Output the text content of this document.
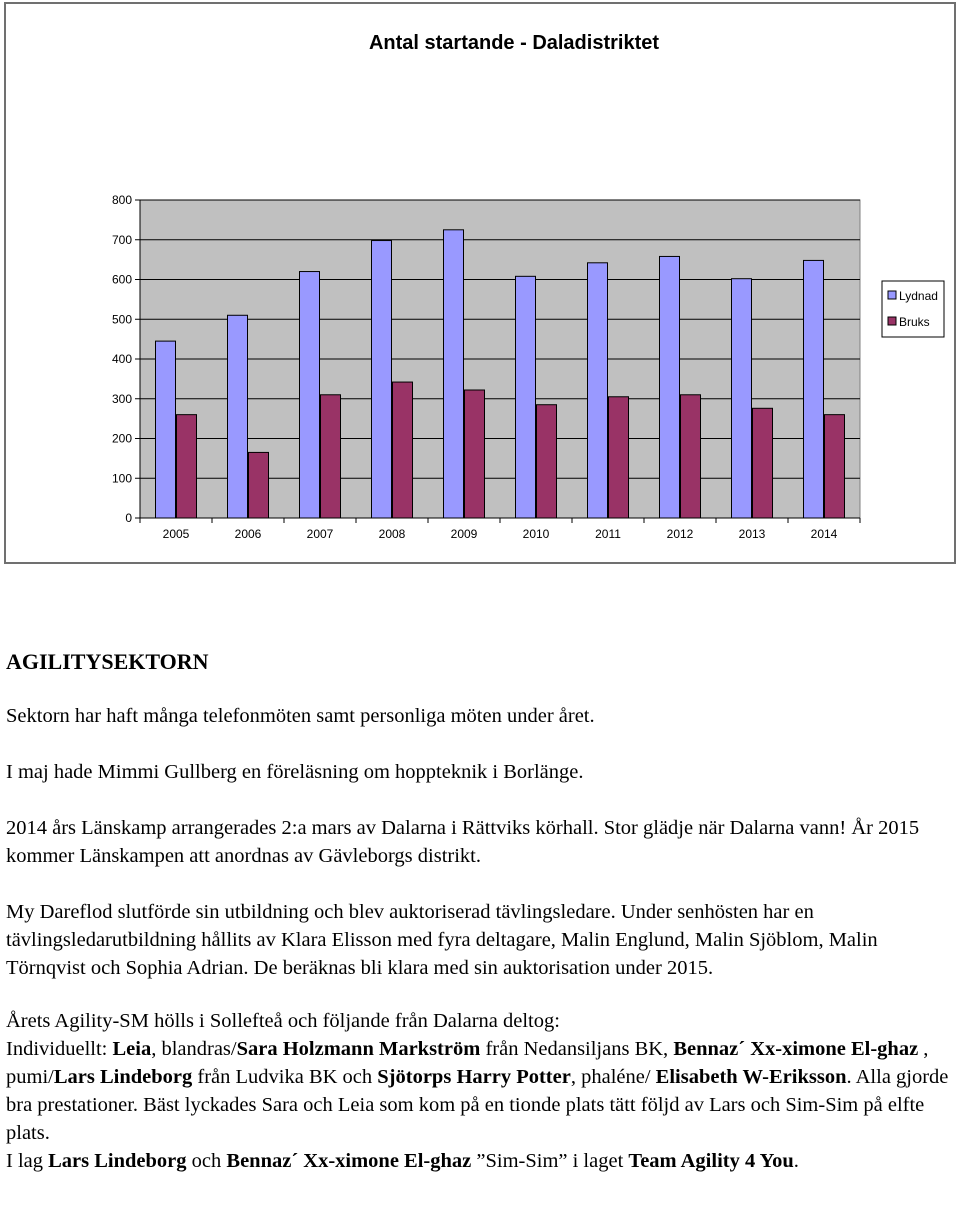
Antal startande - Daladistriktet
0
100
200
300
400
500
600
700
800
2005	2006	2007	2008	2009	2010	2011	2012	2013	2014
Lydnad
Bruks
AGILITYSEKTORN

Sektorn har haft många telefonmöten samt personliga möten under året.

I maj hade Mimmi Gullberg en föreläsning om hoppteknik i Borlänge.

2014 års Länskamp arrangerades 2:a mars av Dalarna i Rättviks körhall. Stor glädje när Dalarna vann! År 2015 kommer Länskampen att anordnas av Gävleborgs distrikt.

My Dareflod slutförde sin utbildning och blev auktoriserad tävlingsledare. Under senhösten har en tävlingsledarutbildning hållits av Klara Elisson med fyra deltagare, Malin Englund, Malin Sjöblom, Malin Törnqvist och Sophia Adrian. De beräknas bli klara med sin auktorisation under 2015.

Årets Agility-SM hölls i Sollefteå och följande från Dalarna deltog:

Individuellt: Leia, blandras/Sara Holzmann Markström från Nedansiljans BK, Bennaz´ Xx-ximone El-ghaz , pumi/Lars Lindeborg från Ludvika BK och Sjötorps Harry Potter, phaléne/ Elisabeth W-Eriksson. Alla gjorde bra prestationer. Bäst lyckades Sara och Leia som kom på en tionde plats tätt följd av Lars och Sim-Sim på elfte plats.

I lag Lars Lindeborg och Bennaz´ Xx-ximone El-ghaz ”Sim-Sim” i laget Team Agility 4 You.
